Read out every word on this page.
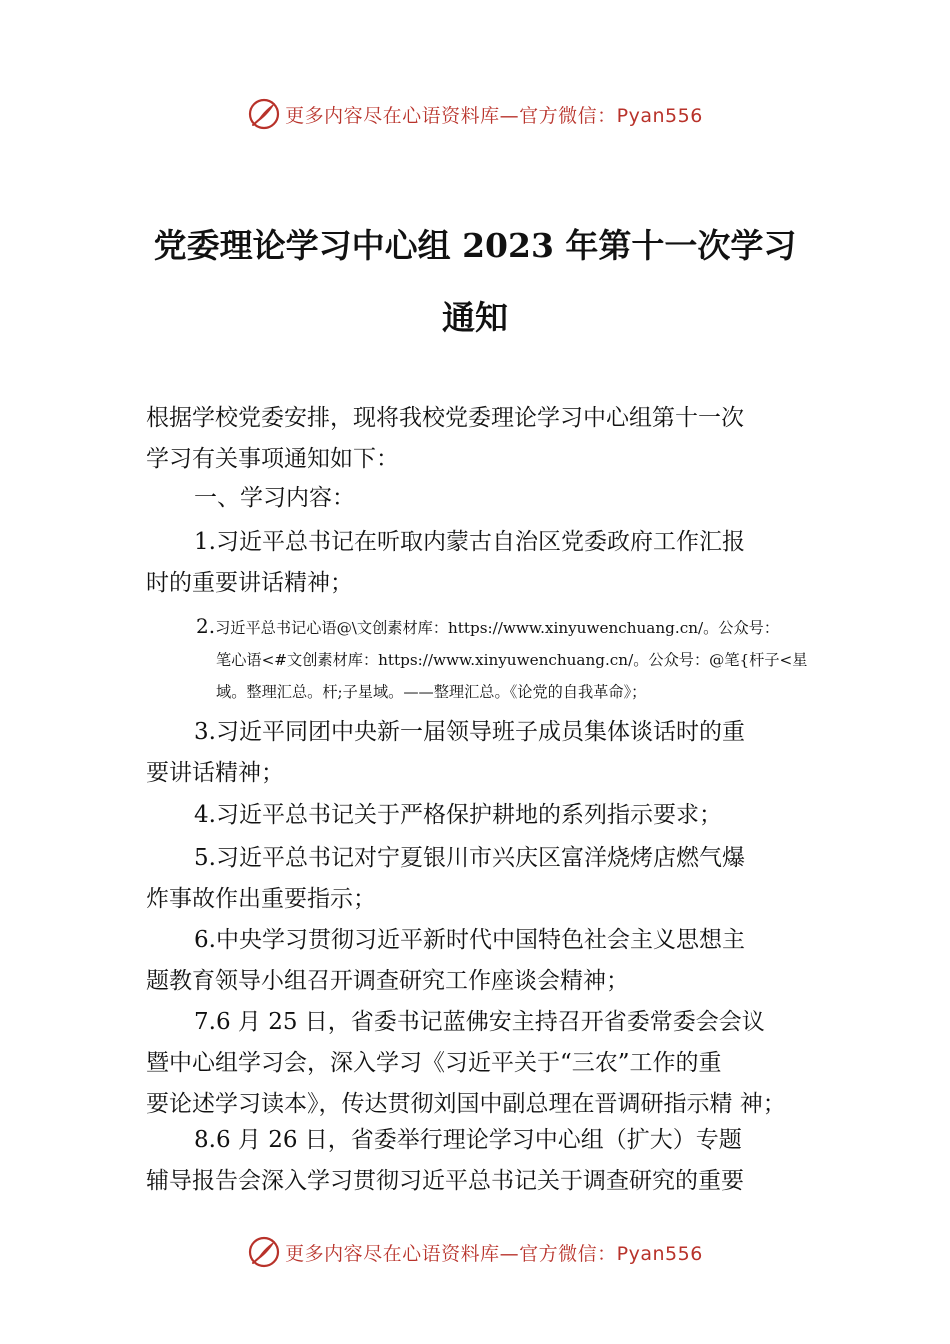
更多内容尽在心语资料库—官方微信：Pyan556
党委理论学习中心组 2023 年第十一次学习
通知

根据学校党委安排，现将我校党委理论学习中心组第十一次
学习有关事项通知如下：

一、学习内容：

1.习近平总书记在听取内蒙古自治区党委政府工作汇报
时的重要讲话精神；

2.习近平总书记心语@\文创素材库：https://www.xinyuwenchuang.cn/。公众号：
笔心语<#文创素材库：https://www.xinyuwenchuang.cn/。公众号：@笔{杆子<星
域。整理汇总。杆;子星域。——整理汇总。《论党的自我革命》；

3.习近平同团中央新一届领导班子成员集体谈话时的重
要讲话精神；

4.习近平总书记关于严格保护耕地的系列指示要求；

5.习近平总书记对宁夏银川市兴庆区富洋烧烤店燃气爆
炸事故作出重要指示；

6.中央学习贯彻习近平新时代中国特色社会主义思想主
题教育领导小组召开调查研究工作座谈会精神；

7.6 月 25 日，省委书记蓝佛安主持召开省委常委会会议
暨中心组学习会，深入学习《习近平关于“三农”工作的重
要论述学习读本》，传达贯彻刘国中副总理在晋调研指示精 神；

8.6 月 26 日，省委举行理论学习中心组（扩大）专题
辅导报告会深入学习贯彻习近平总书记关于调查研究的重要

更多内容尽在心语资料库—官方微信：Pyan556
